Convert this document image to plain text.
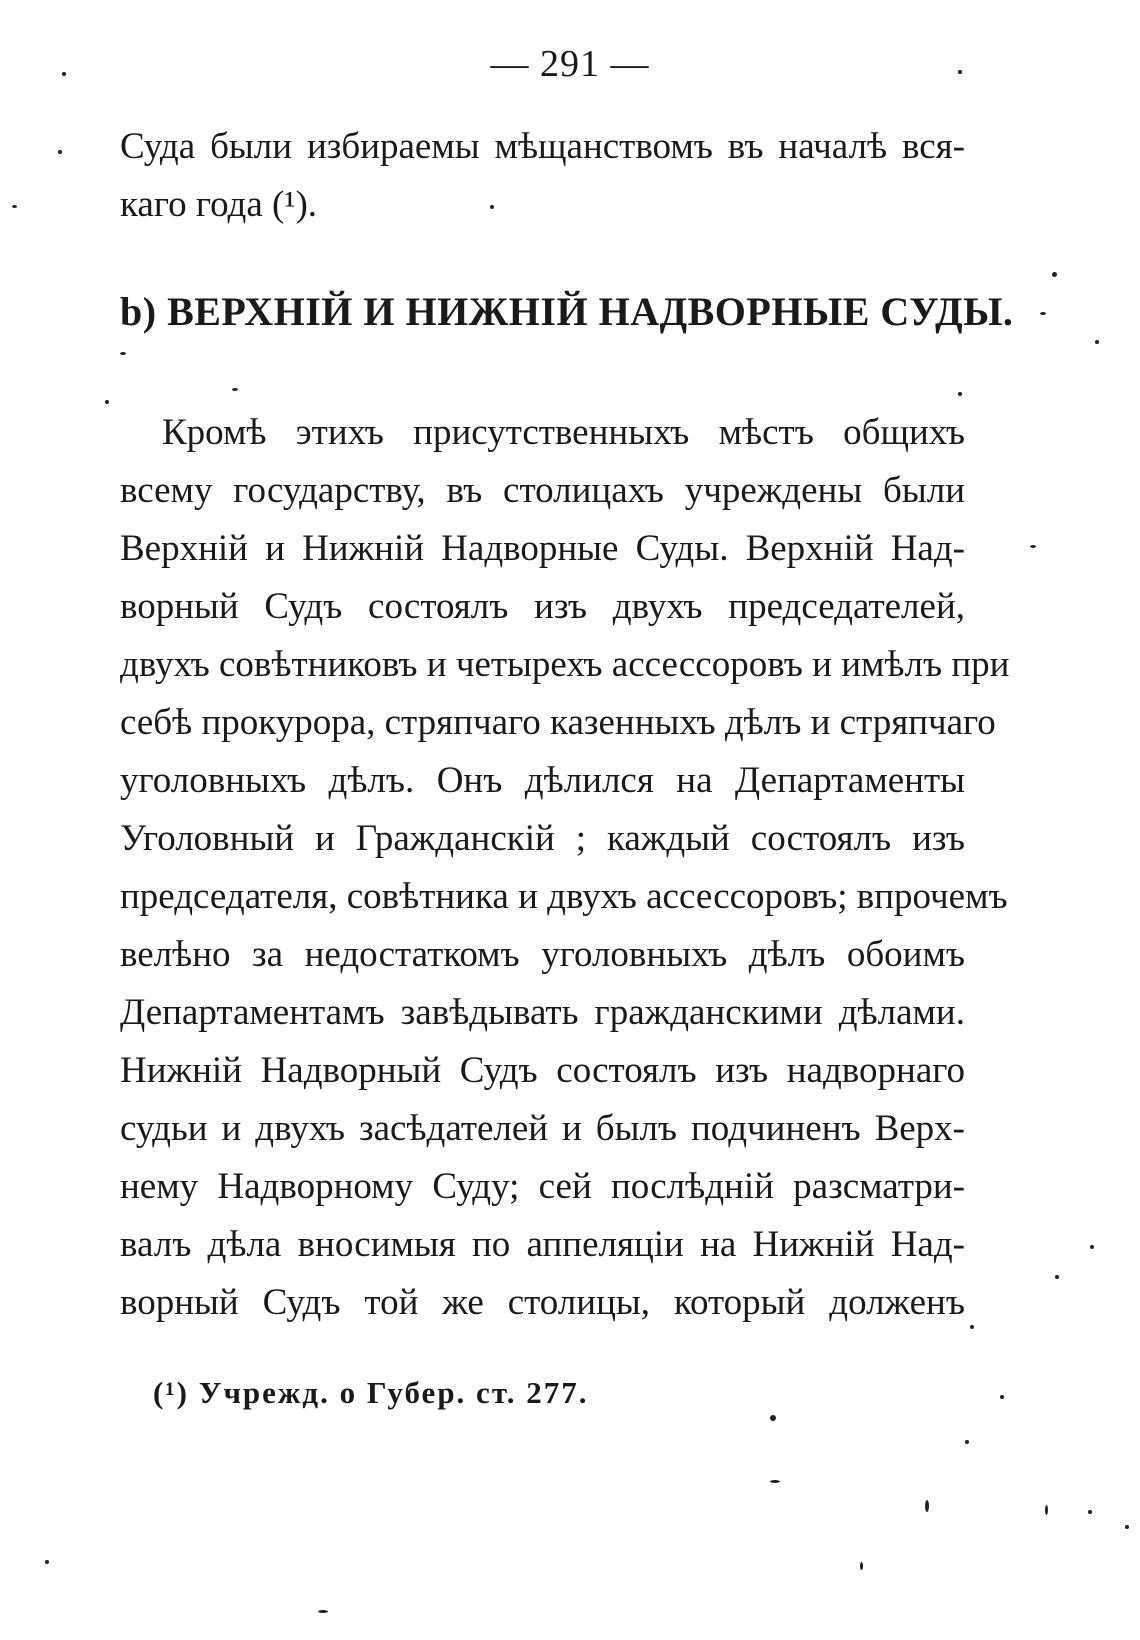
— 291 —
Суда были избираемы мѣщанствомъ въ началѣ вся-
каго года (¹).
b) ВЕРХНІЙ И НИЖНІЙ НАДВОРНЫЕ СУДЫ.
Кромѣ этихъ присутственныхъ мѣстъ общихъ
всему государству, въ столицахъ учреждены были
Верхній и Нижній Надворные Суды. Верхній Над-
ворный Судъ состоялъ изъ двухъ председателей,
двухъ совѣтниковъ и четырехъ ассессоровъ и имѣлъ при
себѣ прокурора, стряпчаго казенныхъ дѣлъ и стряпчаго
уголовныхъ дѣлъ. Онъ дѣлился на Департаменты
Уголовный и Гражданскій ; каждый состоялъ изъ
председателя, совѣтника и двухъ ассессоровъ; впрочемъ
велѣно за недостаткомъ уголовныхъ дѣлъ обоимъ
Департаментамъ завѣдывать гражданскими дѣлами.
Нижній Надворный Судъ состоялъ изъ надворнаго
судьи и двухъ засѣдателей и былъ подчиненъ Верх-
нему Надворному Суду; сей послѣдній разсматри-
валъ дѣла вносимыя по аппеляціи на Нижній Над-
ворный Судъ той же столицы, который долженъ
(¹) Учрежд. о Губер. ст. 277.
